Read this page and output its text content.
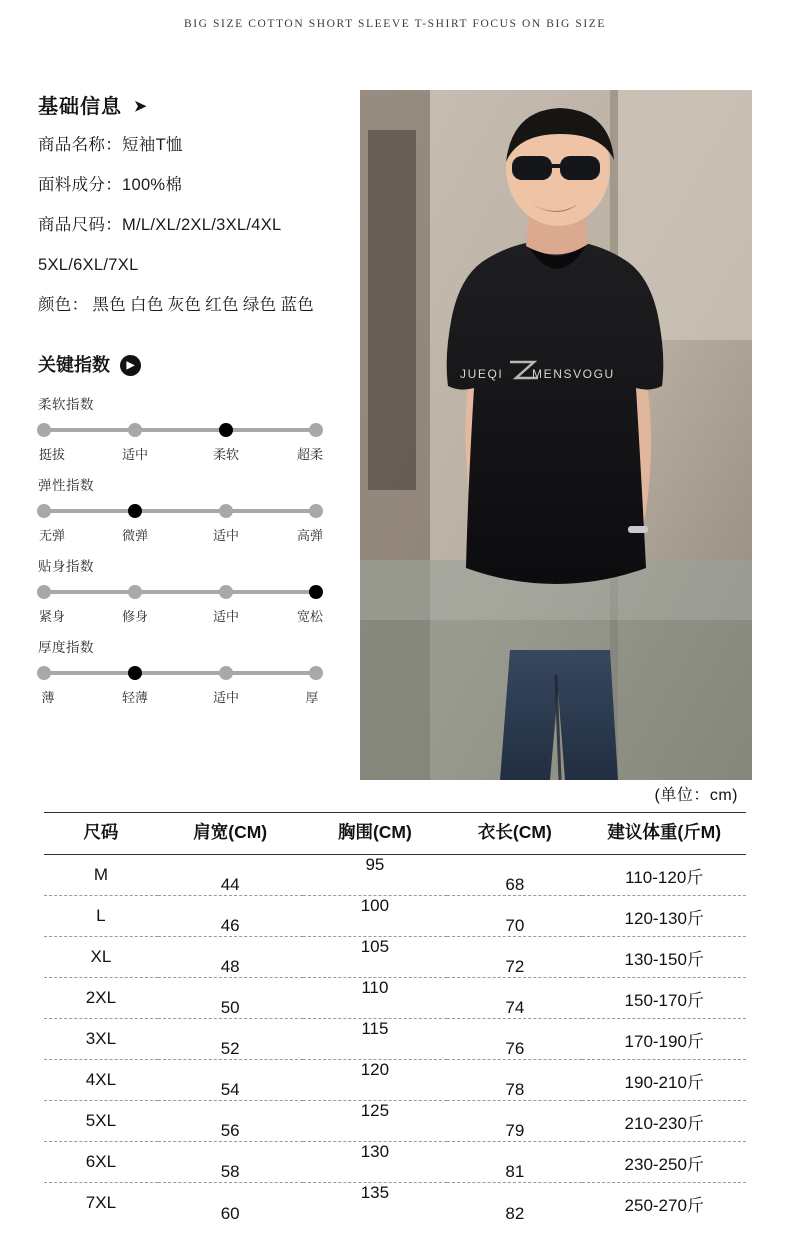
BIG SIZE COTTON SHORT SLEEVE T-SHIRT FOCUS ON BIG SIZE
基础信息 ➤
商品名称：短袖T恤
面料成分：100%棉
商品尺码：M/L/XL/2XL/3XL/4XL
5XL/6XL/7XL
颜色： 黑色 白色 灰色 红色 绿色 蓝色
关键指数	▶
柔软指数
挺拔	适中	柔软	超柔
弹性指数
无弹	微弹	适中	高弹
贴身指数
紧身	修身	适中	宽松
厚度指数
薄	轻薄	适中	厚
JUEQI MENSVOGU
(单位：cm)
尺码	肩宽(CM)	胸围(CM)	衣长(CM)	建议体重(斤M)
M	44	95	68	110-120斤
L	46	100	70	120-130斤
XL	48	105	72	130-150斤
2XL	50	110	74	150-170斤
3XL	52	115	76	170-190斤
4XL	54	120	78	190-210斤
5XL	56	125	79	210-230斤
6XL	58	130	81	230-250斤
7XL	60	135	82	250-270斤
